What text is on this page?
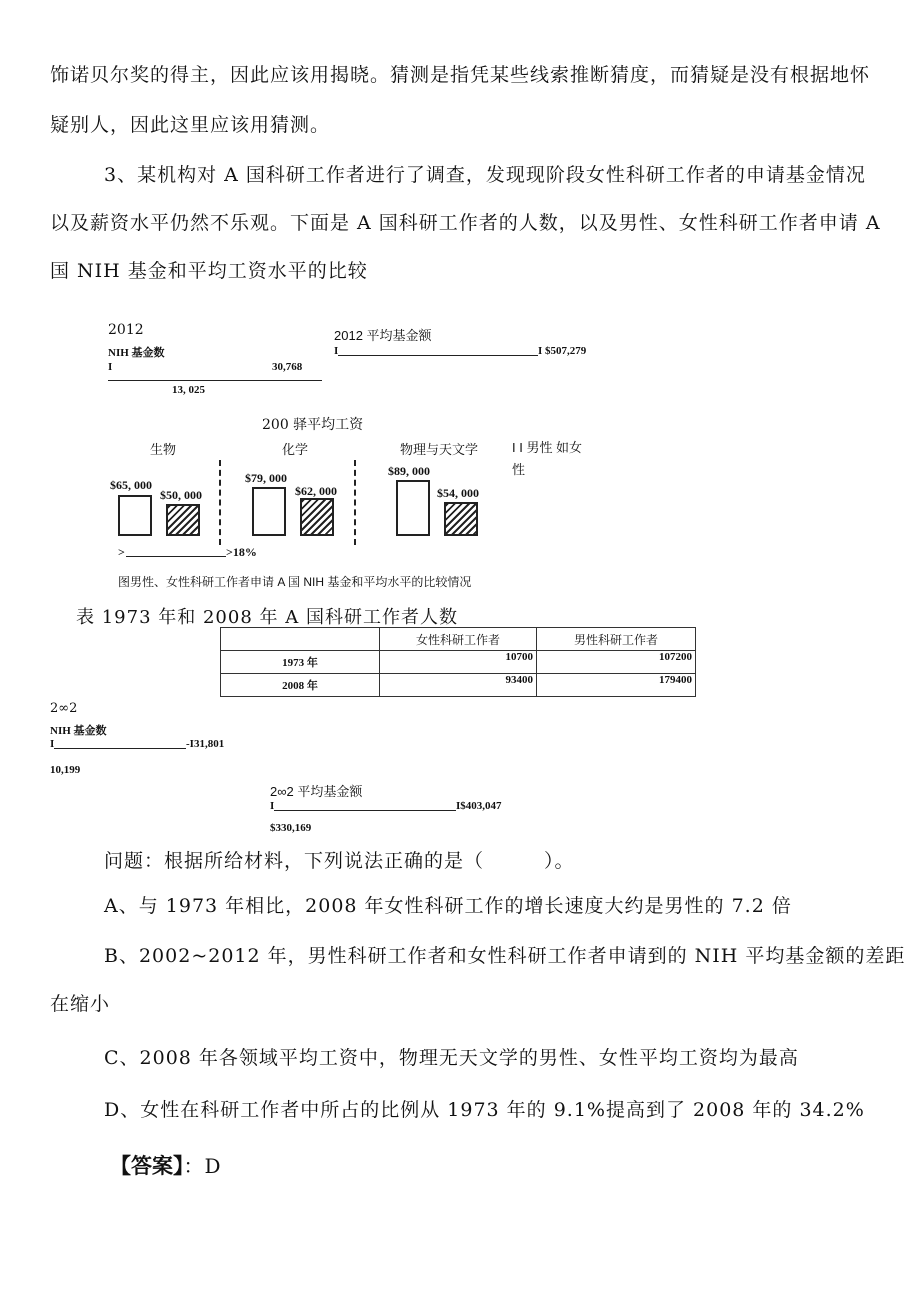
饰诺贝尔奖的得主，因此应该用揭晓。猜测是指凭某些线索推断猜度，而猜疑是没有根据地怀
疑别人，因此这里应该用猜测。
3、某机构对 A 国科研工作者进行了调查，发现现阶段女性科研工作者的申请基金情况
以及薪资水平仍然不乐观。下面是 A 国科研工作者的人数，以及男性、女性科研工作者申请 A
国 NIH 基金和平均工资水平的比较
2012
NIH 基金数
I	30,768
13, 025
2012 平均基金额
I	I $507,279
200 驿平均工资
生物	化学	物理与天文学	I I 男性 如女
性
$65, 000
$50, 000
$79, 000
$62, 000
$89, 000
$54, 000
>	>18%
图男性、女性科研工作者申请 A 国 NIH 基金和平均水平的比较情况
表 1973 年和 2008 年 A 国科研工作者人数
	女性科研工作者	男性科研工作者
1973 年	10700	107200
2008 年	93400	179400
2∞2
NIH 基金数
I	-I31,801
10,199
2∞2 平均基金额
I	I$403,047
$330,169
问题：根据所给材料，下列说法正确的是（　　　）。
A、与 1973 年相比，2008 年女性科研工作的增长速度大约是男性的 7.2 倍
B、2002~2012 年，男性科研工作者和女性科研工作者申请到的 NIH 平均基金额的差距
在缩小
C、2008 年各领域平均工资中，物理无天文学的男性、女性平均工资均为最高
D、女性在科研工作者中所占的比例从 1973 年的 9.1%提高到了 2008 年的 34.2%
【答案】：D
